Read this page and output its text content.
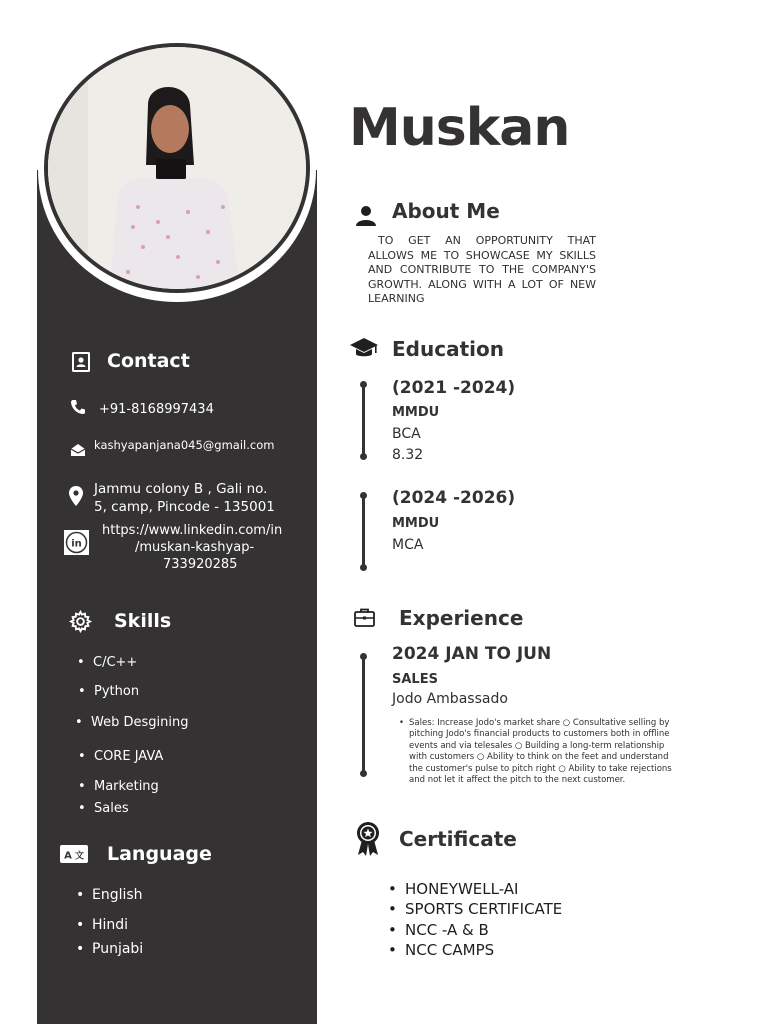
Contact
+91-8168997434
kashyapanjana045@gmail.com
Jammu colony B , Gali no.
5, camp, Pincode - 135001
in
https://www.linkedin.com/in
/muskan-kashyap-
733920285
Skills
• C/C++
• Python
• Web Desgining
• CORE JAVA
• Marketing
• Sales
A 文 Language
• English
• Hindi
• Punjabi
Muskan
About Me

TO GET AN OPPORTUNITY THAT ALLOWS ME TO SHOWCASE MY SKILLS AND CONTRIBUTE TO THE COMPANY'S GROWTH. ALONG WITH A LOT OF NEW LEARNING

Education
(2021 -2024)
MMDU
BCA
8.32
(2024 -2026)
MMDU
MCA
Experience
2024 JAN TO JUN
SALES
Jodo Ambassado

• Sales: Increase Jodo's market share ○ Consultative selling by pitching Jodo's financial products to customers both in offline events and via telesales ○ Building a long-term relationship with customers ○ Ability to think on the feet and understand the customer's pulse to pitch right ○ Ability to take rejections and not let it affect the pitch to the next customer.

Certificate
• HONEYWELL-AI
• SPORTS CERTIFICATE
• NCC -A & B
• NCC CAMPS
